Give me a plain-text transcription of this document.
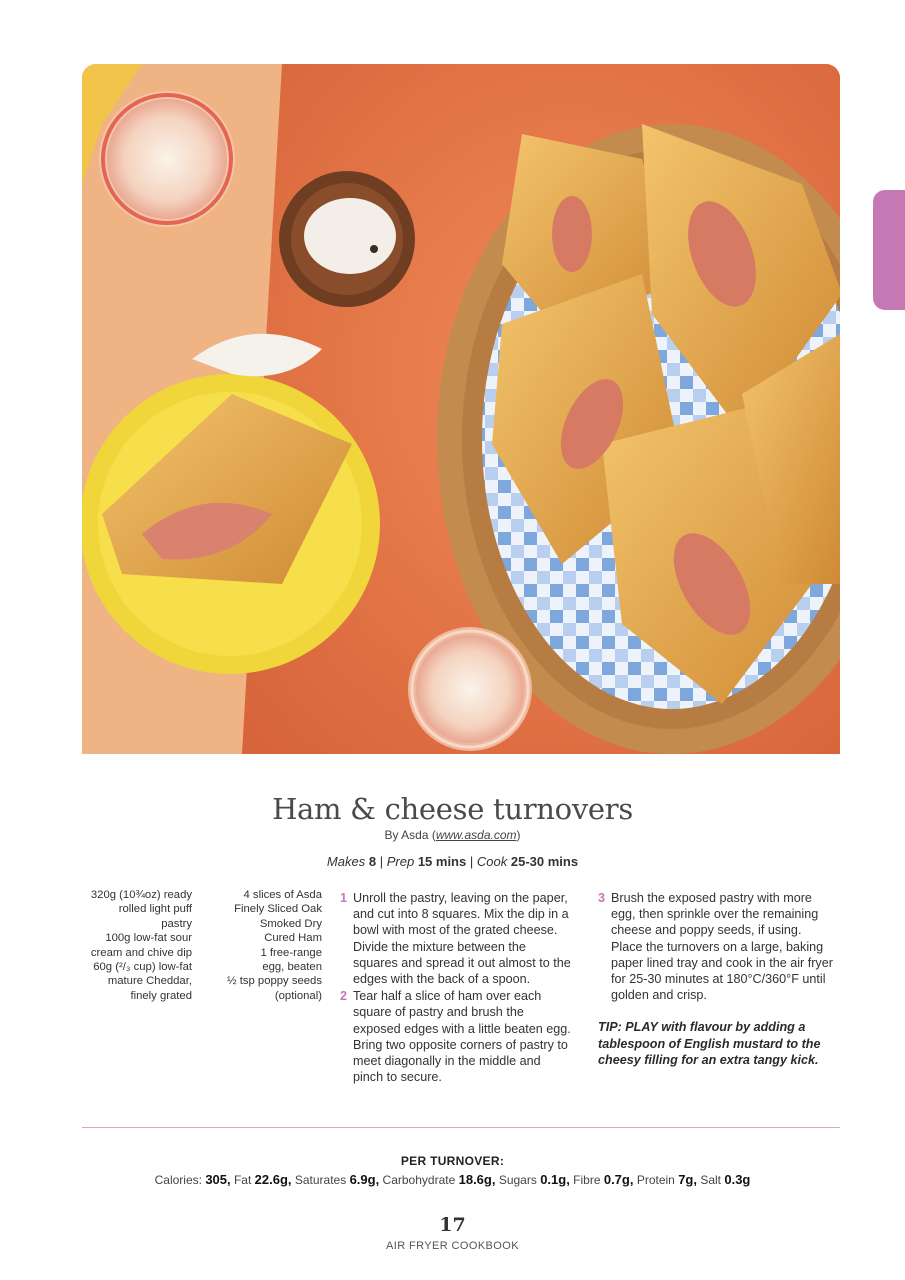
Ham & cheese turnovers
By Asda (www.asda.com)
Makes 8 | Prep 15 mins | Cook 25-30 mins
320g (10¾oz) ready
rolled light puff
pastry
100g low-fat sour
cream and chive dip
60g (²/₃ cup) low-fat
mature Cheddar,
finely grated
4 slices of Asda
Finely Sliced Oak
Smoked Dry
Cured Ham
1 free-range
egg, beaten
½ tsp poppy seeds
(optional)
1 Unroll the pastry, leaving on the paper, and cut into 8 squares. Mix the dip in a bowl with most of the grated cheese. Divide the mixture between the squares and spread it out almost to the edges with the back of a spoon.
2 Tear half a slice of ham over each square of pastry and brush the exposed edges with a little beaten egg. Bring two opposite corners of pastry to meet diagonally in the middle and pinch to secure.
3 Brush the exposed pastry with more egg, then sprinkle over the remaining cheese and poppy seeds, if using. Place the turnovers on a large, baking paper lined tray and cook in the air fryer for 25-30 minutes at 180°C/360°F until golden and crisp.
TIP: PLAY with flavour by adding a tablespoon of English mustard to the cheesy filling for an extra tangy kick.
PER TURNOVER:
Calories: 305, Fat 22.6g, Saturates 6.9g, Carbohydrate 18.6g, Sugars 0.1g, Fibre 0.7g, Protein 7g, Salt 0.3g
17
AIR FRYER COOKBOOK
